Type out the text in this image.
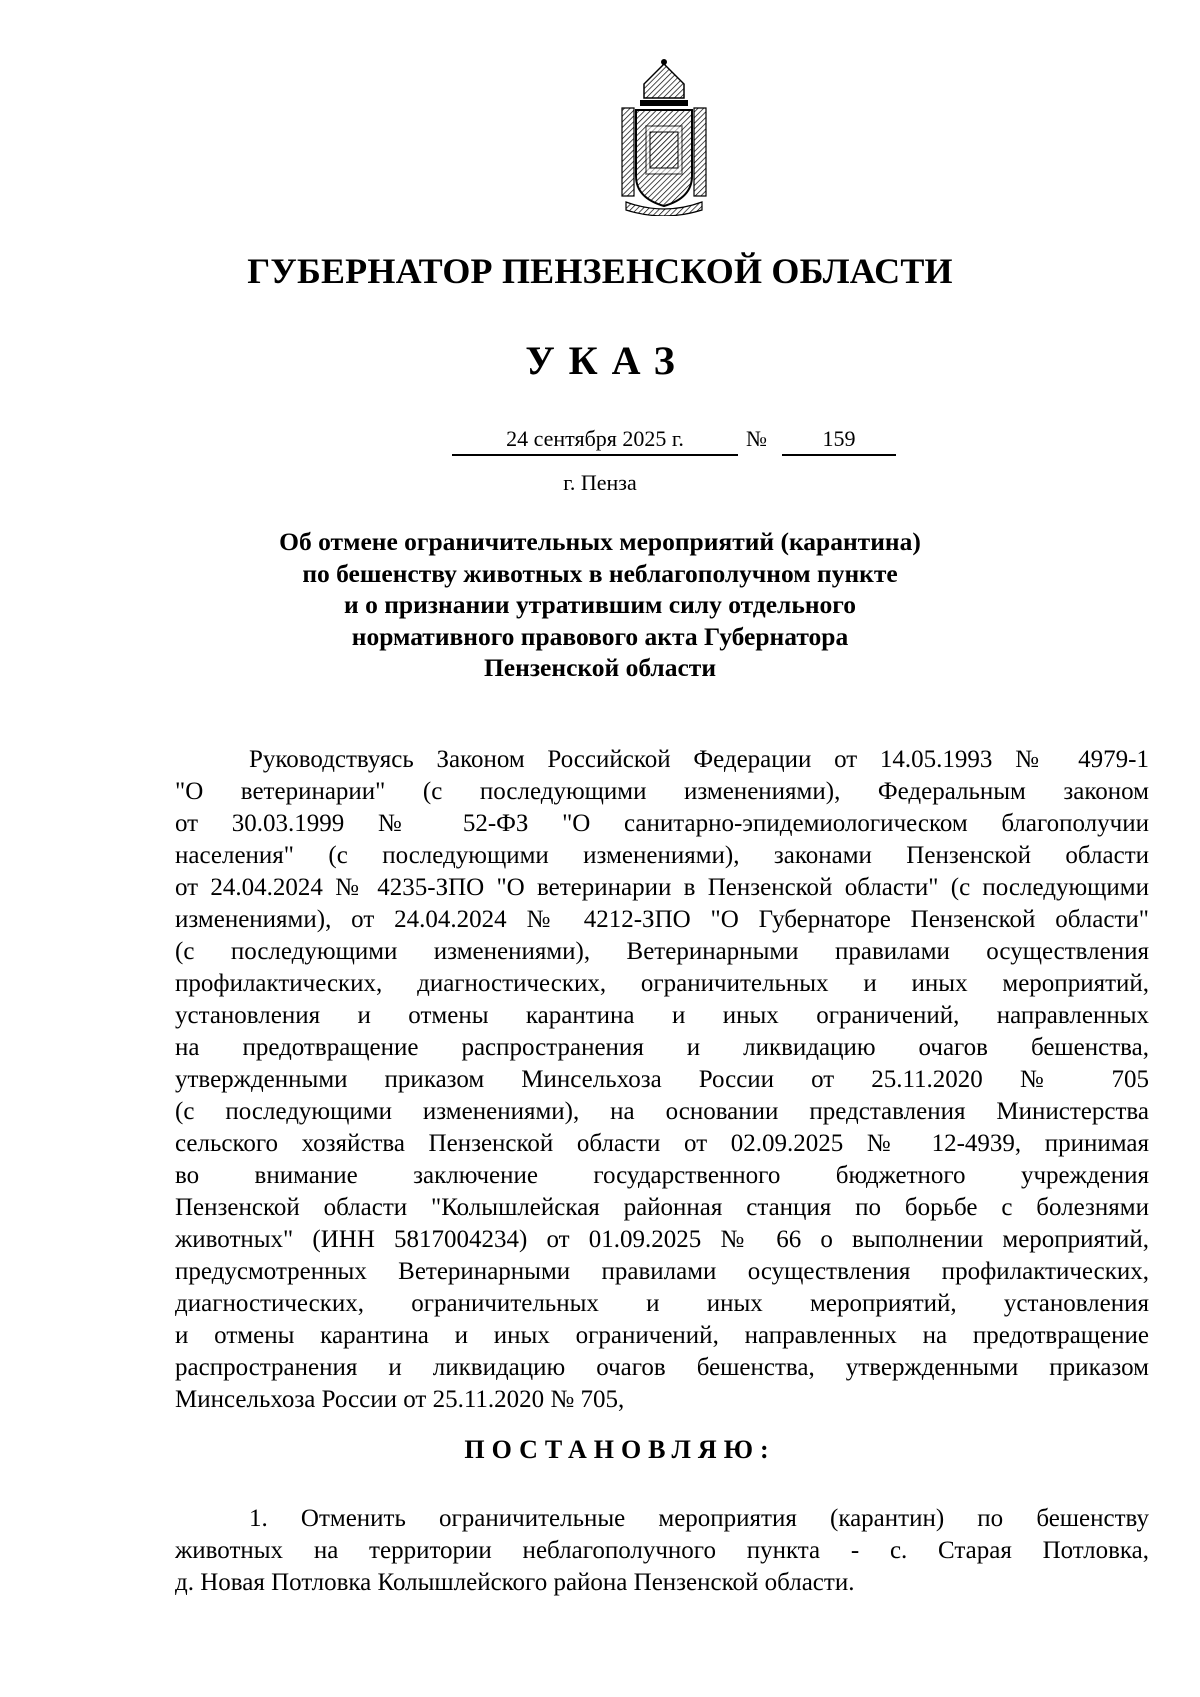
ГУБЕРНАТОР ПЕНЗЕНСКОЙ ОБЛАСТИ
УКАЗ
24 сентября 2025 г.	№	159
г. Пенза
Об отмене ограничительных мероприятий (карантина)
по бешенству животных в неблагополучном пункте
и о признании утратившим силу отдельного
нормативного правового акта Губернатора
Пензенской области
Руководствуясь Законом Российской Федерации от 14.05.1993 № 4979-1
"О ветеринарии" (с последующими изменениями), Федеральным законом
от 30.03.1999 № 52-ФЗ "О санитарно-эпидемиологическом благополучии
населения" (с последующими изменениями), законами Пензенской области
от 24.04.2024 № 4235-ЗПО "О ветеринарии в Пензенской области" (с последующими
изменениями), от 24.04.2024 № 4212-ЗПО "О Губернаторе Пензенской области"
(с последующими изменениями), Ветеринарными правилами осуществления
профилактических, диагностических, ограничительных и иных мероприятий,
установления и отмены карантина и иных ограничений, направленных
на предотвращение распространения и ликвидацию очагов бешенства,
утвержденными приказом Минсельхоза России от 25.11.2020 № 705
(с последующими изменениями), на основании представления Министерства
сельского хозяйства Пензенской области от 02.09.2025 № 12-4939, принимая
во внимание заключение государственного бюджетного учреждения
Пензенской области "Колышлейская районная станция по борьбе с болезнями
животных" (ИНН 5817004234) от 01.09.2025 № 66 о выполнении мероприятий,
предусмотренных Ветеринарными правилами осуществления профилактических,
диагностических, ограничительных и иных мероприятий, установления
и отмены карантина и иных ограничений, направленных на предотвращение
распространения и ликвидацию очагов бешенства, утвержденными приказом
Минсельхоза России от 25.11.2020 № 705,
ПОСТАНОВЛЯЮ:
1. Отменить ограничительные мероприятия (карантин) по бешенству
животных на территории неблагополучного пункта - с. Старая Потловка,
д. Новая Потловка Колышлейского района Пензенской области.
